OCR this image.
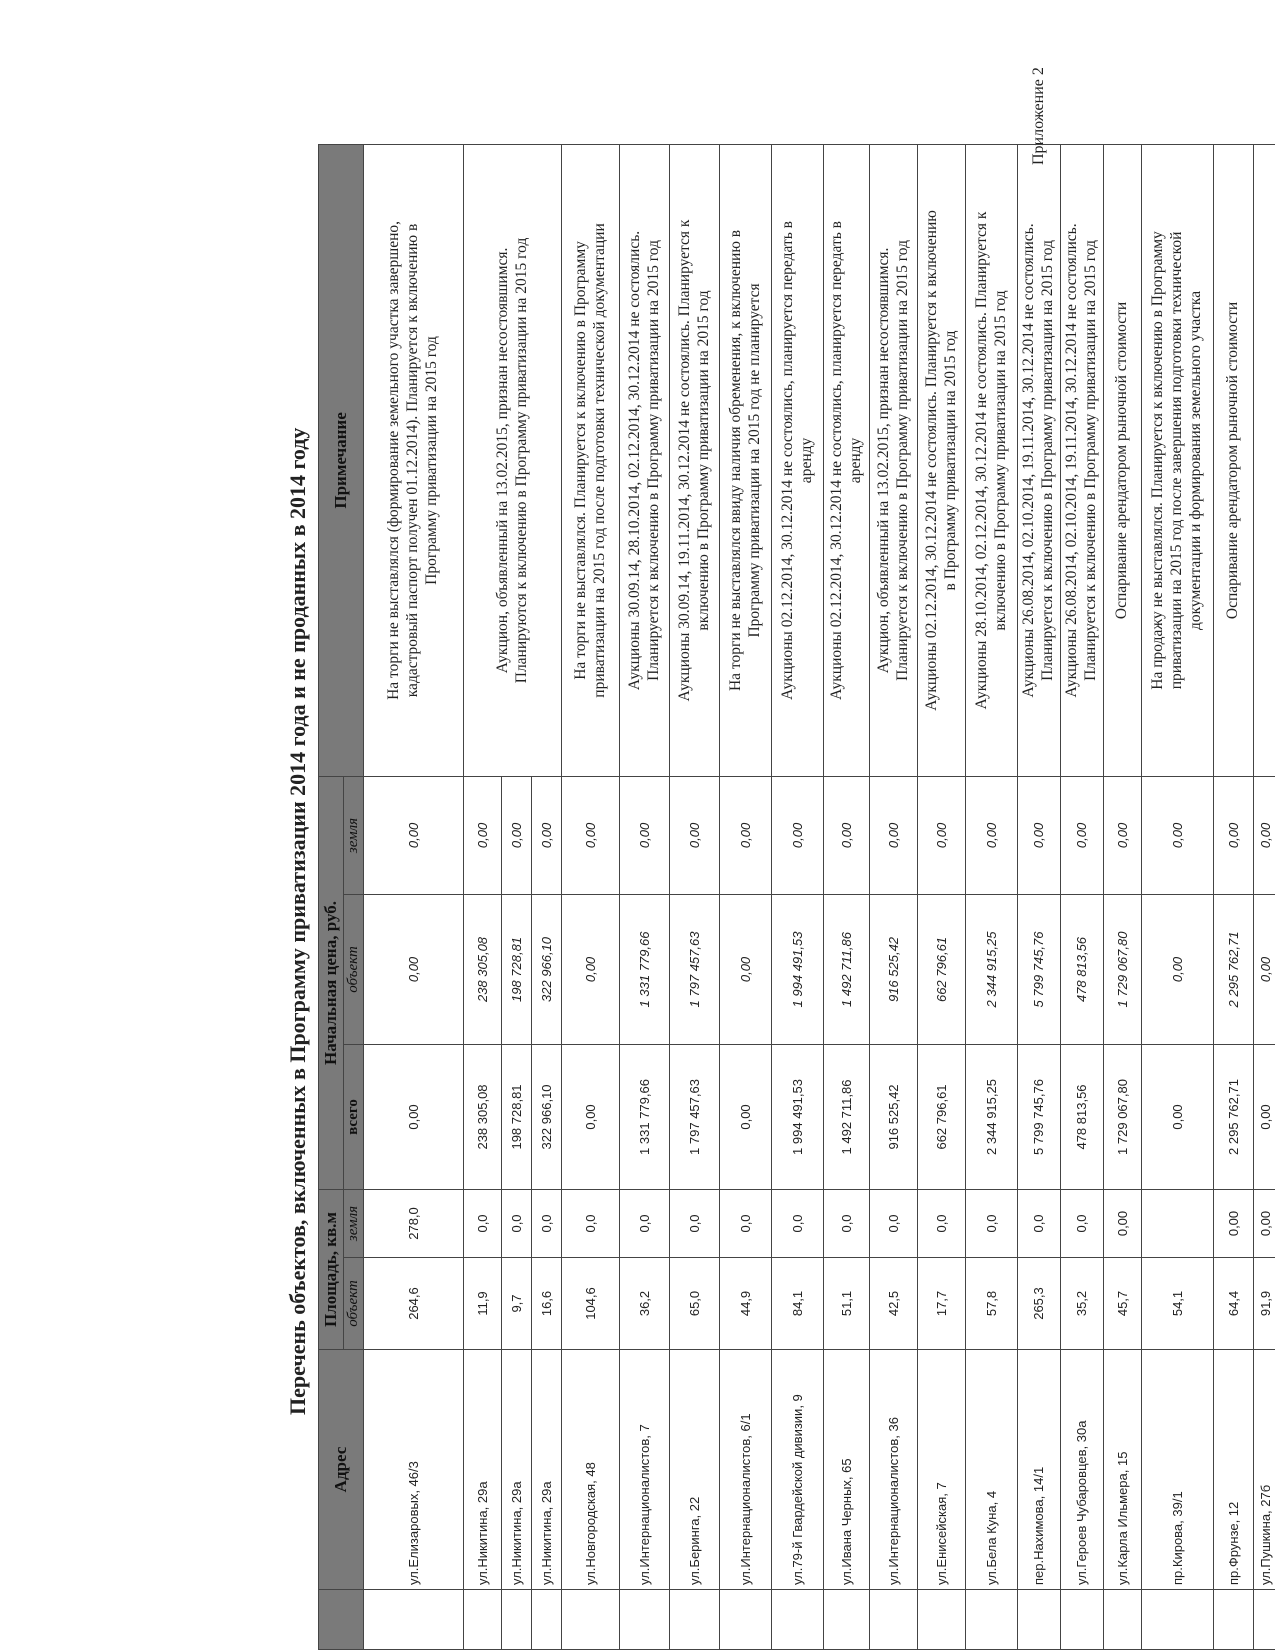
Приложение 2
Перечень объектов, включенных в Программу приватизации 2014 года и не проданных в 2014 году
	Адрес	Площадь, кв.м		Начальная цена, руб.			Примечание
		объект	земля	всего	объект	земля	
	ул.Елизаровых, 46/3	264,6	278,0	0,00	0,00	0,00	На торги не выставлялся (формирование земельного участка завершено, кадастровый паспорт получен 01.12.2014). Планируется к включению в Программу приватизации на 2015 год

	ул.Никитина, 29а	11,9	0,0	238 305,08	238 305,08	0,00	Аукцион, объявленный на 13.02.2015, признан несостоявшимся. Планируются к включению в Программу приватизации на 2015 год

	ул.Никитина, 29а	9,7	0,0	198 728,81	198 728,81	0,00	
	ул.Никитина, 29а	16,6	0,0	322 966,10	322 966,10	0,00	
	ул.Новгородская, 48	104,6	0,0	0,00	0,00	0,00	На торги не выставлялся. Планируется к включению в Программу приватизации на 2015 год после подготовки технической документации

	ул.Интернационалистов, 7	36,2	0,0	1 331 779,66	1 331 779,66	0,00	Аукционы 30.09.14, 28.10.2014, 02.12.2014, 30.12.2014 не состоялись. Планируется к включению в Программу приватизации на 2015 год

	ул.Беринга, 22	65,0	0,0	1 797 457,63	1 797 457,63	0,00	Аукционы 30.09.14, 19.11.2014, 30.12.2014 не состоялись. Планируется к включению в Программу приватизации на 2015 год

	ул.Интернационалистов, 6/1	44,9	0,0	0,00	0,00	0,00	На торги не выставлялся ввиду наличия обременения, к включению в Программу приватизации на 2015 год не планируется

	ул.79-й Гвардейской дивизии, 9	84,1	0,0	1 994 491,53	1 994 491,53	0,00	Аукционы 02.12.2014, 30.12.2014 не состоялись, планируется передать в аренду

	ул.Ивана Черных, 65	51,1	0,0	1 492 711,86	1 492 711,86	0,00	Аукционы 02.12.2014, 30.12.2014 не состоялись, планируется передать в аренду

	ул.Интернационалистов, 36	42,5	0,0	916 525,42	916 525,42	0,00	Аукцион, объявленный на 13.02.2015, признан несостоявшимся. Планируется к включению в Программу приватизации на 2015 год

	ул.Енисейская, 7	17,7	0,0	662 796,61	662 796,61	0,00	Аукционы 02.12.2014, 30.12.2014 не состоялись. Планируется к включению в Программу приватизации на 2015 год

	ул.Бела Куна, 4	57,8	0,0	2 344 915,25	2 344 915,25	0,00	Аукционы 28.10.2014, 02.12.2014, 30.12.2014 не состоялись. Планируется к включению в Программу приватизации на 2015 год

	пер.Нахимова, 14/1	265,3	0,0	5 799 745,76	5 799 745,76	0,00	Аукционы 26.08.2014, 02.10.2014, 19.11.2014, 30.12.2014 не состоялись. Планируется к включению в Программу приватизации на 2015 год

	ул.Героев Чубаровцев, 30а	35,2	0,0	478 813,56	478 813,56	0,00	Аукционы 26.08.2014, 02.10.2014, 19.11.2014, 30.12.2014 не состоялись. Планируется к включению в Программу приватизации на 2015 год

	ул.Карла Ильмера, 15	45,7	0,00	1 729 067,80	1 729 067,80	0,00	Оспаривание арендатором рыночной стоимости

	пр.Кирова, 39/1	54,1		0,00	0,00	0,00	На продажу не выставлялся. Планируется к включению в Программу приватизации на 2015 год после завершения подготовки технической документации и формирования земельного участка

	пр.Фрунзе, 12	64,4	0,00	2 295 762,71	2 295 762,71	0,00	Оспаривание арендатором рыночной стоимости

	ул.Пушкина, 27б	91,9	0,00	0,00	0,00	0,00	
